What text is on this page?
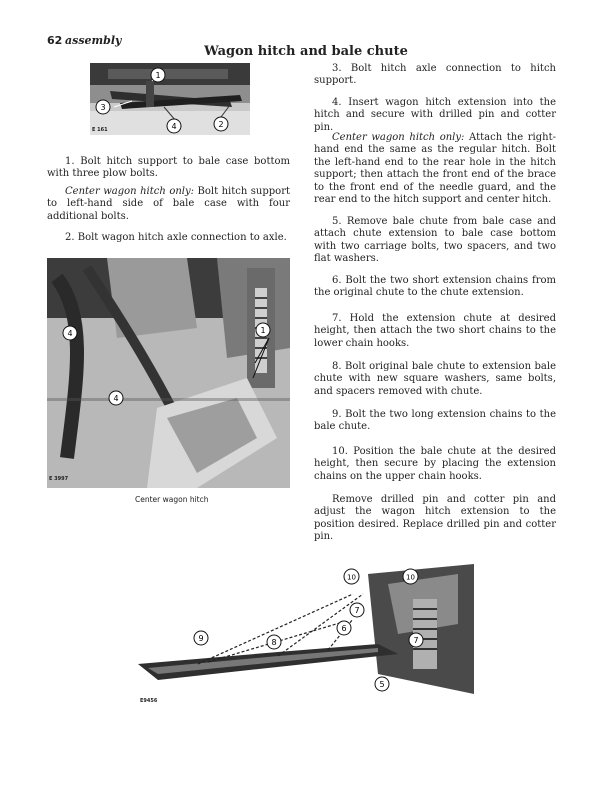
62 assembly
Wagon hitch and bale chute
E 161
1
2
3
4
1. Bolt hitch support to bale case bottom with three plow bolts.
Center wagon hitch only: Bolt hitch support to left-hand side of bale case with four additional bolts.
2. Bolt wagon hitch axle connection to axle.
E 3997
1
4
4
Center wagon hitch
3. Bolt hitch axle connection to hitch support.
4. Insert wagon hitch extension into the hitch and secure with drilled pin and cotter pin.
Center wagon hitch only: Attach the right-hand end the same as the regular hitch. Bolt the left-hand end to the rear hole in the hitch support; then attach the front end of the brace to the front end of the needle guard, and the rear end to the hitch support and center hitch.
5. Remove bale chute from bale case and attach chute extension to bale case bottom with two carriage bolts, two spacers, and two flat washers.
6. Bolt the two short extension chains from the original chute to the chute extension.
7. Hold the extension chute at desired height, then attach the two short chains to the lower chain hooks.
8. Bolt original bale chute to extension bale chute with new square washers, same bolts, and spacers removed with chute.
9. Bolt the two long extension chains to the bale chute.
10. Position the bale chute at the desired height, then secure by placing the extension chains on the upper chain hooks.
Remove drilled pin and cotter pin and adjust the wagon hitch extension to the position desired. Replace drilled pin and cotter pin.
E9456
10	10
7
7
6
8
9
5
